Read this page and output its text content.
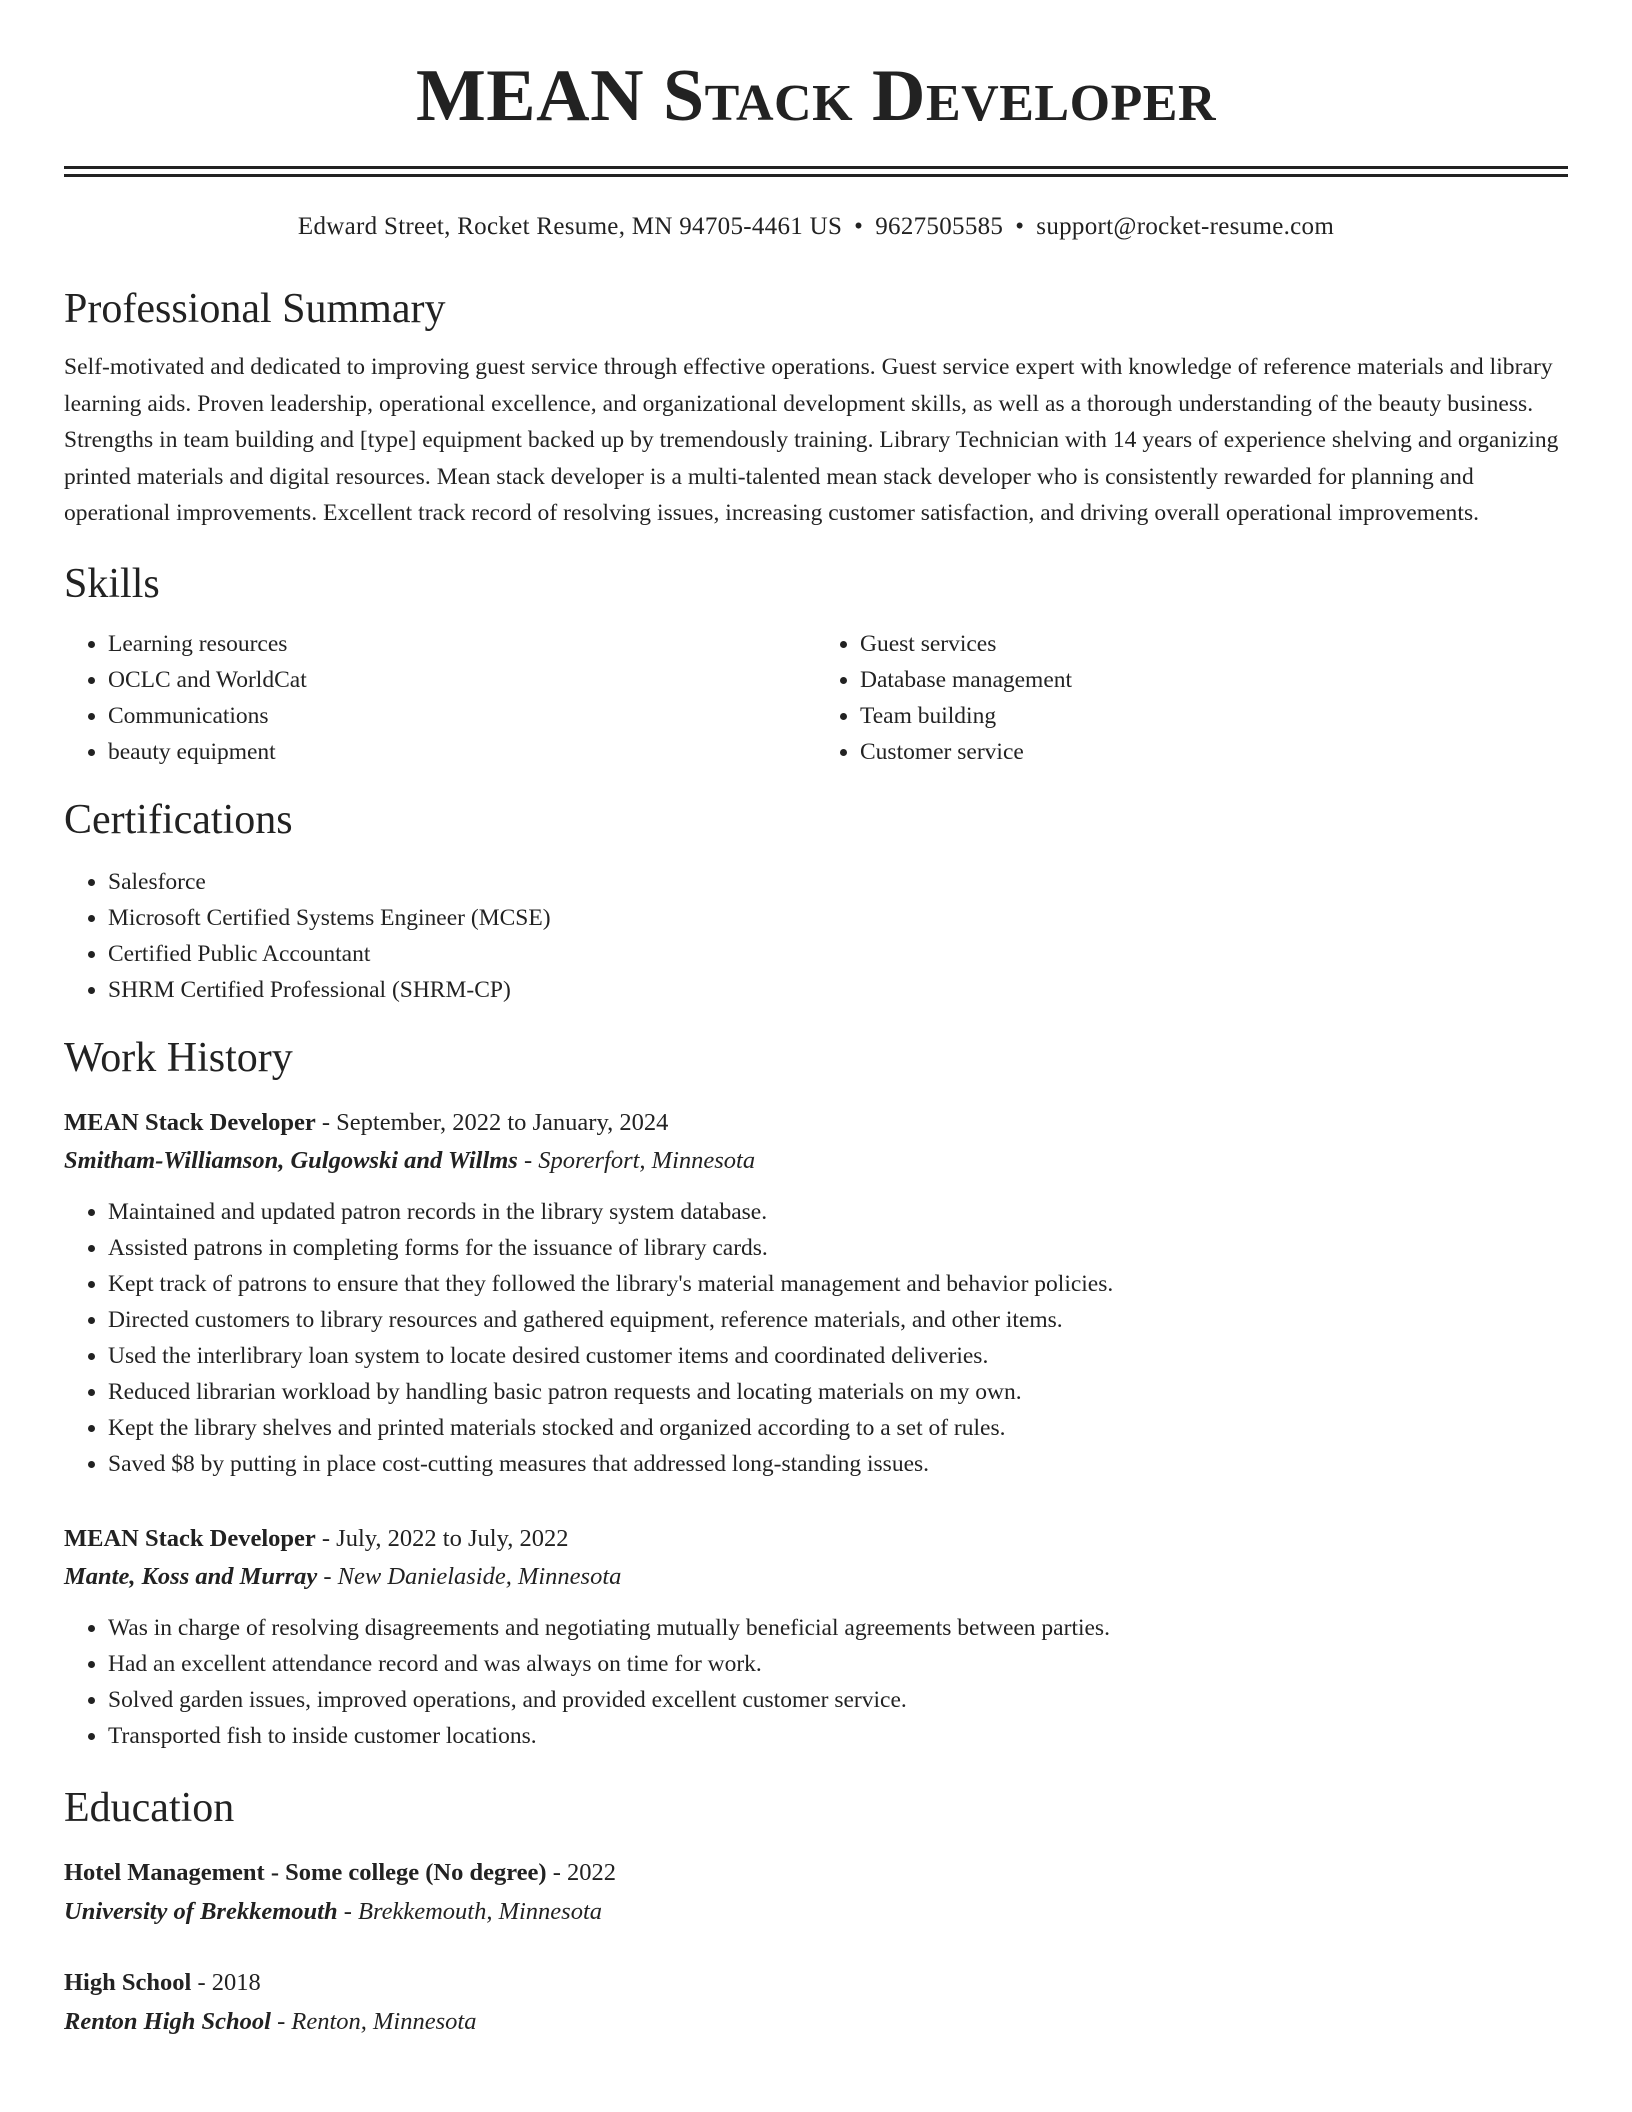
MEAN Stack Developer
Edward Street, Rocket Resume, MN 94705-4461 US • 9627505585 • support@rocket-resume.com
Professional Summary

Self-motivated and dedicated to improving guest service through effective operations. Guest service expert with knowledge of reference materials and library learning aids. Proven leadership, operational excellence, and organizational development skills, as well as a thorough understanding of the beauty business. Strengths in team building and [type] equipment backed up by tremendously training. Library Technician with 14 years of experience shelving and organizing printed materials and digital resources. Mean stack developer is a multi-talented mean stack developer who is consistently rewarded for planning and operational improvements. Excellent track record of resolving issues, increasing customer satisfaction, and driving overall operational improvements.

Skills
• Learning resources
• OCLC and WorldCat
• Communications
• beauty equipment
• Guest services
• Database management
• Team building
• Customer service
Certifications
• Salesforce
• Microsoft Certified Systems Engineer (MCSE)
• Certified Public Accountant
• SHRM Certified Professional (SHRM-CP)
Work History
MEAN Stack Developer - September, 2022 to January, 2024
Smitham-Williamson, Gulgowski and Willms - Sporerfort, Minnesota
• Maintained and updated patron records in the library system database.
• Assisted patrons in completing forms for the issuance of library cards.
• Kept track of patrons to ensure that they followed the library's material management and behavior policies.
• Directed customers to library resources and gathered equipment, reference materials, and other items.
• Used the interlibrary loan system to locate desired customer items and coordinated deliveries.
• Reduced librarian workload by handling basic patron requests and locating materials on my own.
• Kept the library shelves and printed materials stocked and organized according to a set of rules.
• Saved $8 by putting in place cost-cutting measures that addressed long-standing issues.
MEAN Stack Developer - July, 2022 to July, 2022
Mante, Koss and Murray - New Danielaside, Minnesota
• Was in charge of resolving disagreements and negotiating mutually beneficial agreements between parties.
• Had an excellent attendance record and was always on time for work.
• Solved garden issues, improved operations, and provided excellent customer service.
• Transported fish to inside customer locations.
Education
Hotel Management - Some college (No degree) - 2022
University of Brekkemouth - Brekkemouth, Minnesota
High School - 2018
Renton High School - Renton, Minnesota
